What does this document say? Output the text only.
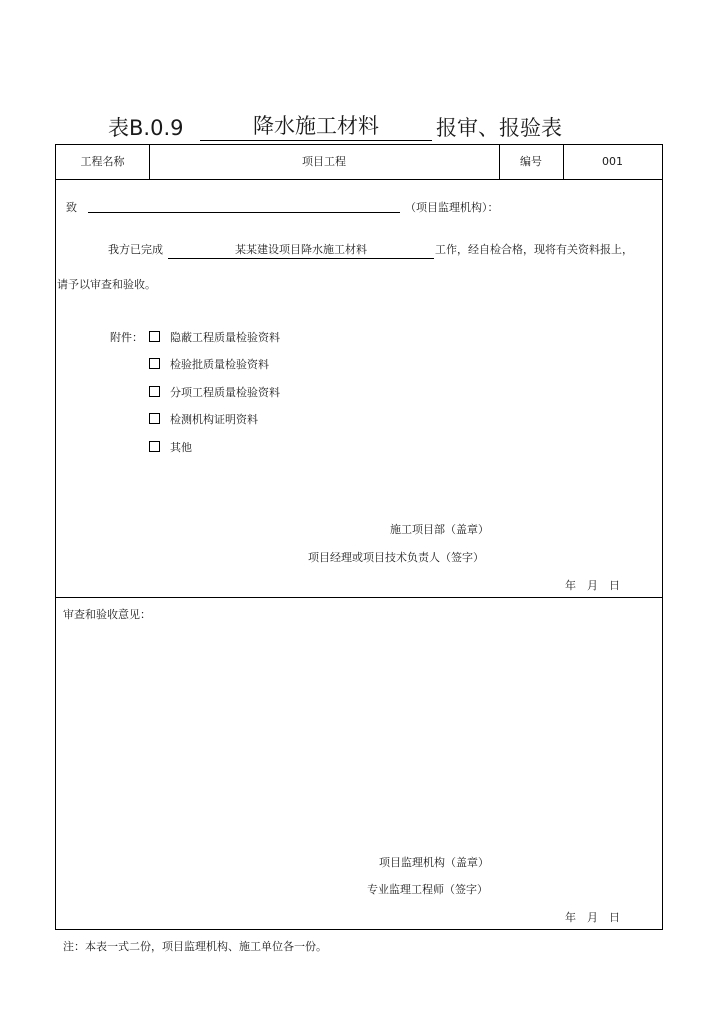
表B.0.9	降水施工材料	报审、报验表
工程名称	项目工程	编号	001
致	（项目监理机构）：
我方已完成	某某建设项目降水施工材料	工作，经自检合格，现将有关资料报上，
请予以审查和验收。
附件：	隐蔽工程质量检验资料
检验批质量检验资料
分项工程质量检验资料
检测机构证明资料
其他
施工项目部（盖章）
项目经理或项目技术负责人（签字）
年　月　日
审查和验收意见：
项目监理机构（盖章）
专业监理工程师（签字）
年　月　日
注：本表一式二份，项目监理机构、施工单位各一份。
